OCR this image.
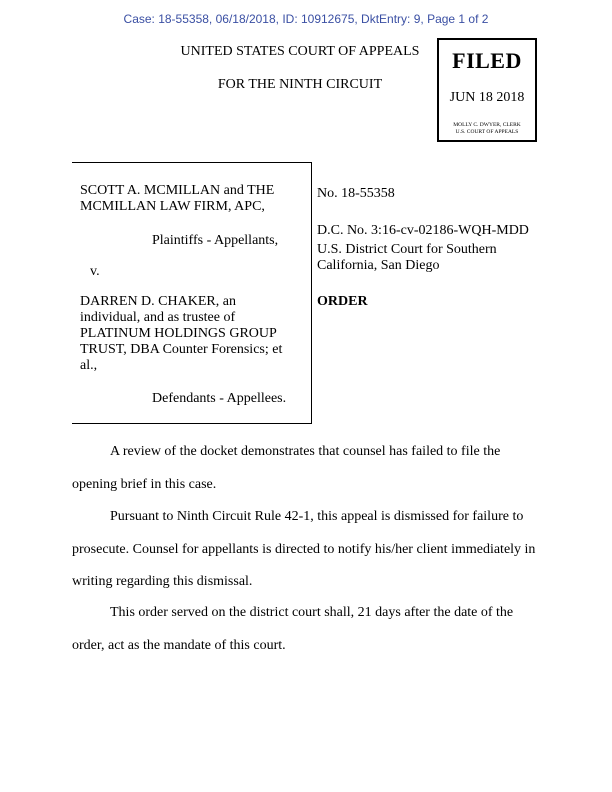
Case: 18-55358, 06/18/2018, ID: 10912675, DktEntry: 9, Page 1 of 2
UNITED STATES COURT OF APPEALS
FOR THE NINTH CIRCUIT
FILED
JUN 18 2018
MOLLY C. DWYER, CLERK
U.S. COURT OF APPEALS
SCOTT A. MCMILLAN and THE
MCMILLAN LAW FIRM, APC,
Plaintiffs - Appellants,
v.
DARREN D. CHAKER, an
individual, and as trustee of
PLATINUM HOLDINGS GROUP
TRUST, DBA Counter Forensics; et
al.,
Defendants - Appellees.
No. 18-55358
D.C. No. 3:16-cv-02186-WQH-MDD
U.S. District Court for Southern
California, San Diego
ORDER
A review of the docket demonstrates that counsel has failed to file the opening brief in this case.
Pursuant to Ninth Circuit Rule 42-1, this appeal is dismissed for failure to prosecute. Counsel for appellants is directed to notify his/her client immediately in writing regarding this dismissal.
This order served on the district court shall, 21 days after the date of the order, act as the mandate of this court.
